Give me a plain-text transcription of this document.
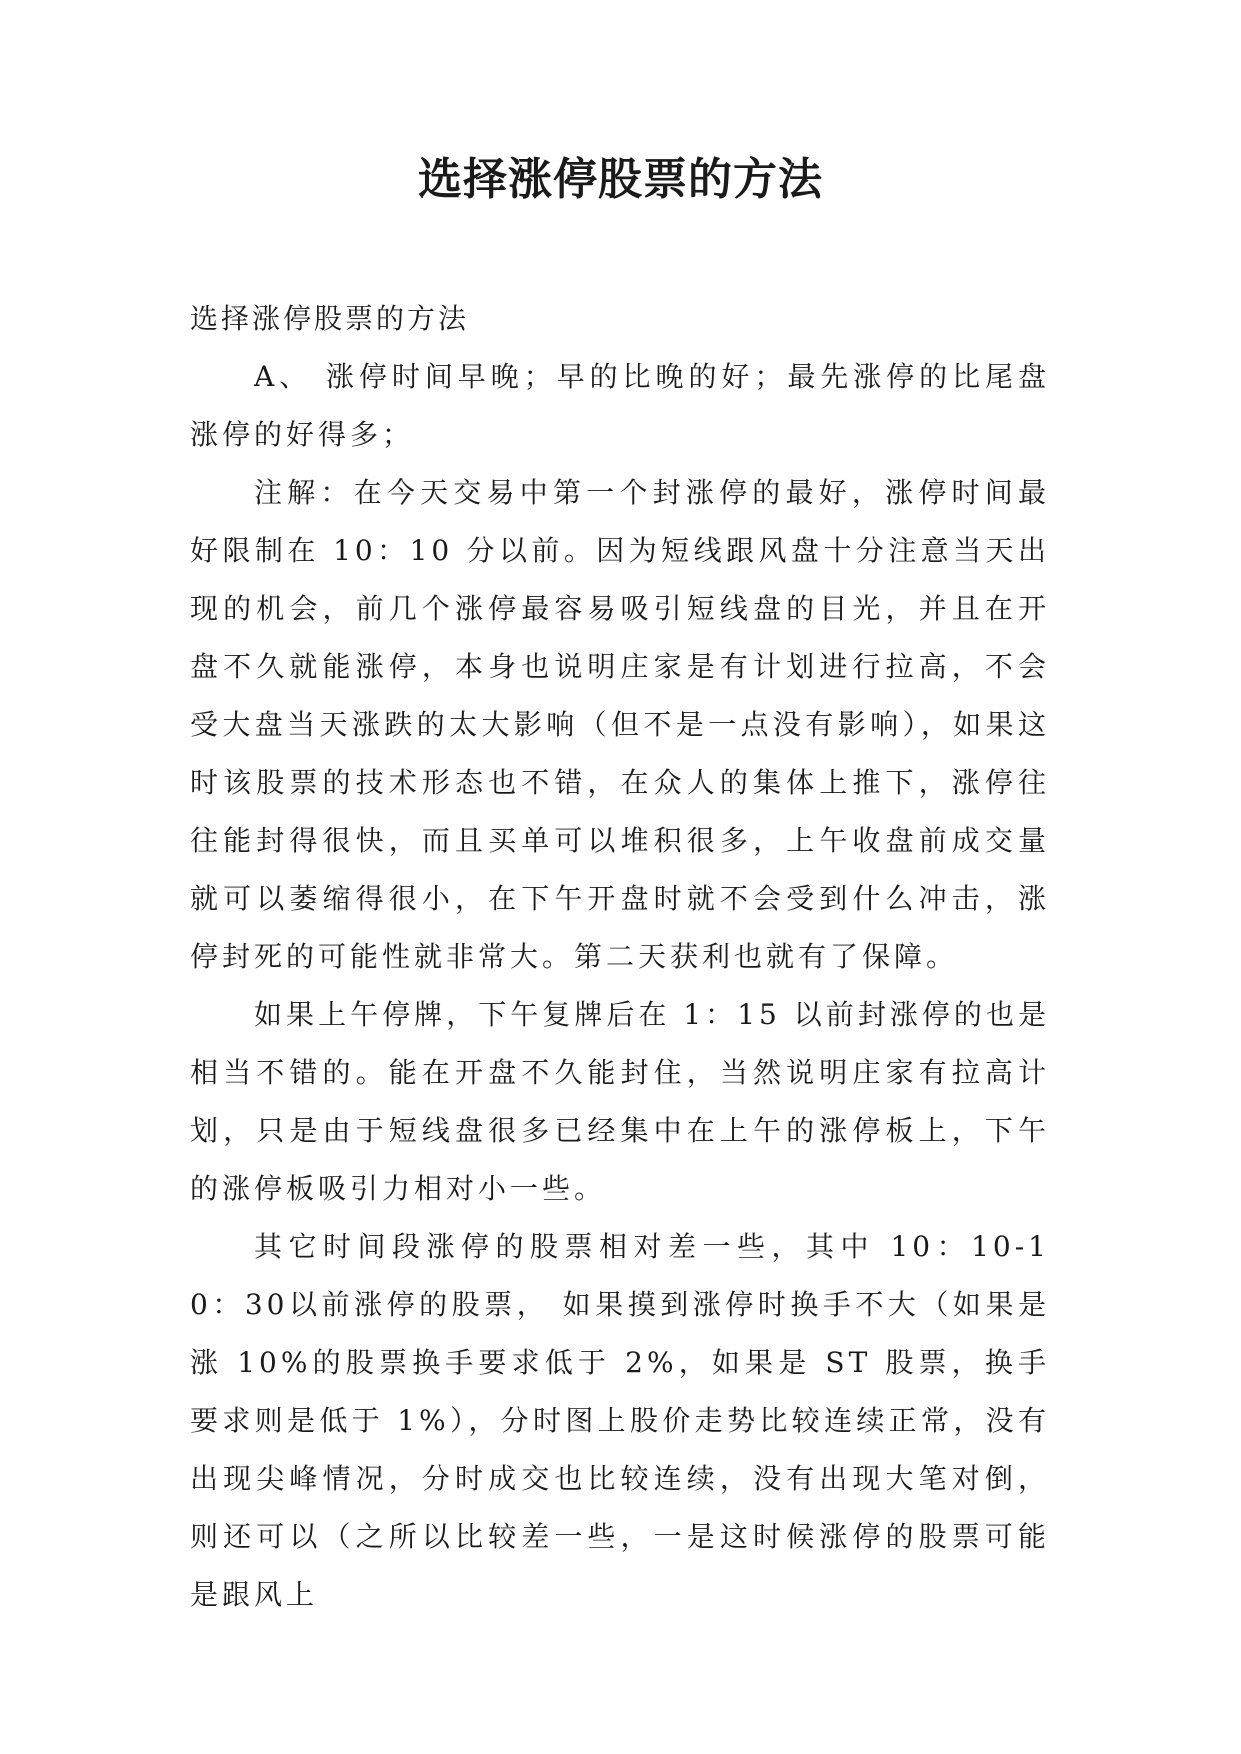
选择涨停股票的方法

选择涨停股票的方法

A、 涨停时间早晚；早的比晚的好；最先涨停的比尾盘涨停的好得多；

注解：在今天交易中第一个封涨停的最好，涨停时间最好限制在 10：10 分以前。因为短线跟风盘十分注意当天出现的机会，前几个涨停最容易吸引短线盘的目光，并且在开盘不久就能涨停，本身也说明庄家是有计划进行拉高，不会受大盘当天涨跌的太大影响（但不是一点没有影响），如果这时该股票的技术形态也不错，在众人的集体上推下，涨停往往能封得很快，而且买单可以堆积很多，上午收盘前成交量就可以萎缩得很小，在下午开盘时就不会受到什么冲击，涨停封死的可能性就非常大。第二天获利也就有了保障。

如果上午停牌，下午复牌后在 1：15 以前封涨停的也是相当不错的。能在开盘不久能封住，当然说明庄家有拉高计划，只是由于短线盘很多已经集中在上午的涨停板上，下午的涨停板吸引力相对小一些。

其它时间段涨停的股票相对差一些，其中 10：10-10：30以前涨停的股票， 如果摸到涨停时换手不大（如果是涨 10%的股票换手要求低于 2%，如果是 ST 股票，换手要求则是低于 1%），分时图上股价走势比较连续正常，没有出现尖峰情况，分时成交也比较连续，没有出现大笔对倒，则还可以（之所以比较差一些，一是这时候涨停的股票可能是跟风上
